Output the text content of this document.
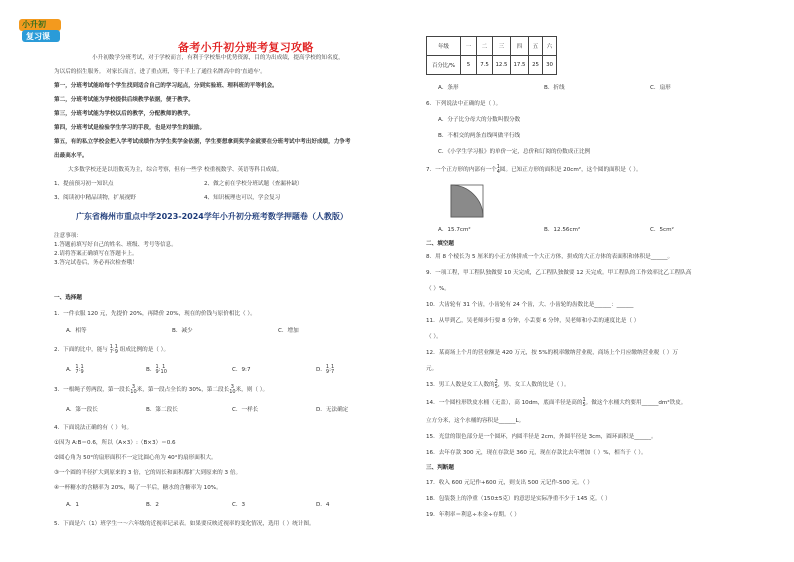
小升初
复习课
备考小升初分班考复习攻略
小升初数学分班考试，对于学校而言，有利于学校集中优势资源，目的为出成绩，提高学校的知名度，
为以后的招生服务。 对家长而言，进了重点班，等于半上了通往名牌高中的'直通车'。
第一，分班考试能给每个学生找到适合自己的学习起点，分到实验班、理科班的平等机会。
第二，分班考试能为学校提供后续教学依据，便于教学。
第三，分班考试能为学校以后的教学，分配教师的教学。
第四，分班考试是检验学生学习的手段，也是对学生的鼓励。
第五，有的私立学校会把入学考试成绩作为学生奖学金依据，学生要想拿到奖学金就要在分班考试中考出好成绩，力争考
出最高水平。
大多数学校还是以语数英为主，综合考察，但有一些学 校重视数学、英语等科目成绩。
1、提前预习初一知识点	2、做之前在学校分班试题（查漏补缺）
3、阅读初中精品读物，扩展视野	4、知识梳理也可以，学会复习
广东省梅州市重点中学2023-2024学年小升初分班考数学押题卷（人教版）
注意事项：
1.答题前填写好自己的姓名、班级、考号等信息。
2.请将答案正确填写在答题卡上。
3.答完试卷后，务必再次检查哦！
一、选择题
1．一件衣服 120 元，先提价 20%，再降价 20%，现在的价钱与原价相比（ ）。
A．相等	B．减少	C．增加
2．下面的比中，能与 1
7:1
9 组成比例的是（ ）。
A．1
7:1
9	B．1
9:1
10	C．9:7	D．1
9:1
7
3．一根绳子剪两段，第一段长3
10米，第一段占全长的 30%，第二段长3
10米，则（ ）。
A．第一段长	B．第二段长	C．一样长	D．无法确定
4．下面说法正确的有（ ）句。
①因为 A:B＝0.6，所以（A×3）:（B×3）＝0.6
②圆心角为 50°的扇形面积不一定比圆心角为 40°的扇形面积大。
③一个圆的半径扩大到原来的 3 倍，它的周长和面积都扩大到原来的 3 倍。
④一杯糖水的含糖率为 20%，喝了一半后，糖水的含糖率为 10%。
A．1	B．2	C．3	D．4
5．下面是六（1）班学生一～六年级的近视率记录表。如果要反映近视率的变化情况，选用（ ）统计图。
年级	一	二	三	四	五	六
百分比/%	5	7.5	12.5	17.5	25	30
A．条形	B．折线	C．扇形
6．下列说法中正确的是（ ）。
A．分子比分母大的分数叫假分数
B．不相交的两条直线叫做平行线
C．《小学生学习报》的单价一定，总价和订阅的份数成正比例
7．一个正方形的内部有一个1
4圆。已知正方形的面积是 20cm²，这个圆的面积是（ ）。
A．15.7cm²	B．12.56cm²	C．5cm²
二、填空题
8．用 8 个棱长为 5 厘米的小正方体拼成一个大正方体，拼成的大正方体的表面积和体积是______。
9．一项工程，甲工程队独做要 10 天完成，乙工程队独做要 12 天完成。甲工程队的工作效率比乙工程队高
（ ）%。
10．大齿轮有 31 个齿，小齿轮有 24 个齿，大、小齿轮的齿数比是______：______
11．从甲到乙，吴老师步行要 8 分钟，小丢要 6 分钟，吴老师和小丢的速度比是（ ）
（ ）。
12．某商场上个月的营业额是 420 万元，按 5%的税率缴纳营业税，商场上个月应缴纳营业税（ ）万
元。
13．男工人数是女工人数的2
5，男、女工人数的比是（ ）。
14．一个圆柱形铁皮水桶（无盖），高 10dm，底面半径是高的1
5。做这个水桶大约要用______dm²铁皮。
立方分米，这个水桶的容积是______L。
15．光盘的银色部分是一个圆环，内圆半径是 2cm，外圆半径是 3cm，圆环面积是______。
16．去年存款 300 元，现在存款是 360 元，现在存款比去年增加（ ）%，相当于（ ）。
三、判断题
17．收入 600 元记作+600 元，则支出 500 元记作-500 元。（ ）
18．包装袋上的净重（150±5克）的意思是实际净重不少于 145 克。（ ）
19．年利率＝利息÷本金÷存期。（ ）
